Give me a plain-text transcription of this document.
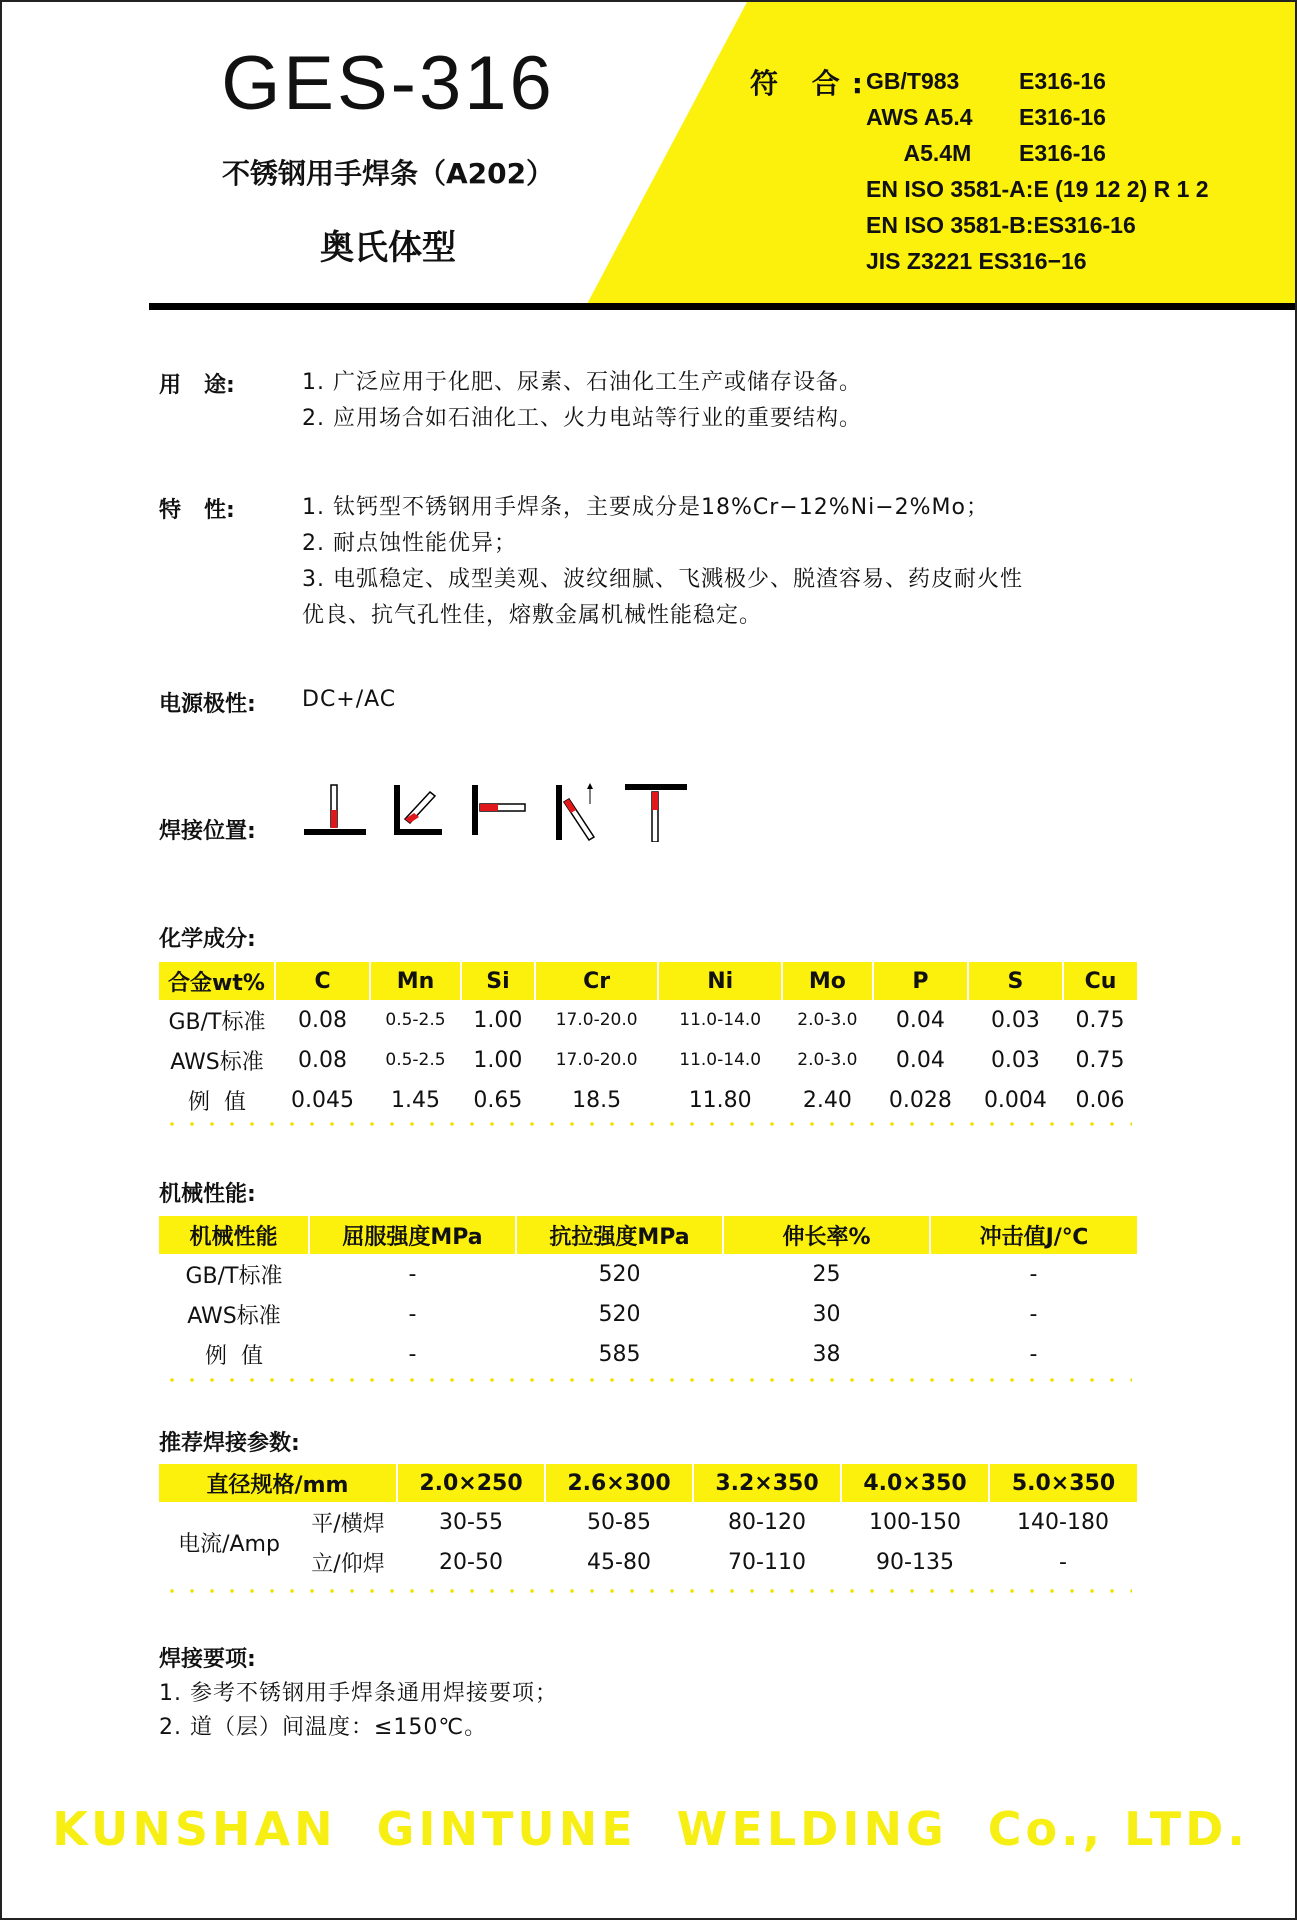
GES-316
不锈钢用手焊条（A202）
奥氏体型
符 合:
GB/T983	E316-16
AWS A5.4 E316-16
A5.4M E316-16
EN ISO 3581-A:E (19 12 2) R 1 2
EN ISO 3581-B:ES316-16
JIS Z3221 ES316−16
用   途:	1. 广泛应用于化肥、尿素、石油化工生产或储存设备。
2. 应用场合如石油化工、火力电站等行业的重要结构。
特   性:	1. 钛钙型不锈钢用手焊条，主要成分是18%Cr−12%Ni−2%Mo；
2. 耐点蚀性能优异；
3. 电弧稳定、成型美观、波纹细腻、飞溅极少、脱渣容易、药皮耐火性
优良、抗气孔性佳，熔敷金属机械性能稳定。
电源极性: DC+/AC
焊接位置:
化学成分:
合金wt%	C	Mn	Si	Cr	Ni	Mo	P	S	Cu
GB/T标准	0.08	0.5-2.5	1.00	17.0-20.0	11.0-14.0	2.0-3.0	0.04	0.03	0.75
AWS标准	0.08	0.5-2.5	1.00	17.0-20.0	11.0-14.0	2.0-3.0	0.04	0.03	0.75
例  值	0.045	1.45	0.65	18.5	11.80	2.40	0.028	0.004	0.06
机械性能:
机械性能	屈服强度MPa	抗拉强度MPa	伸长率%	冲击值J/℃
GB/T标准	-	520	25	-
AWS标准	-	520	30	-
例  值	-	585	38	-
推荐焊接参数:
直径规格/mm		2.0×250	2.6×300	3.2×350	4.0×350	5.0×350
电流/Amp	平/横焊	30-55	50-85	80-120	100-150	140-180
	立/仰焊	20-50	45-80	70-110	90-135	-
焊接要项:
1. 参考不锈钢用手焊条通用焊接要项；
2. 道（层）间温度：≤150℃。
KUNSHAN  GINTUNE  WELDING  Co., LTD.
